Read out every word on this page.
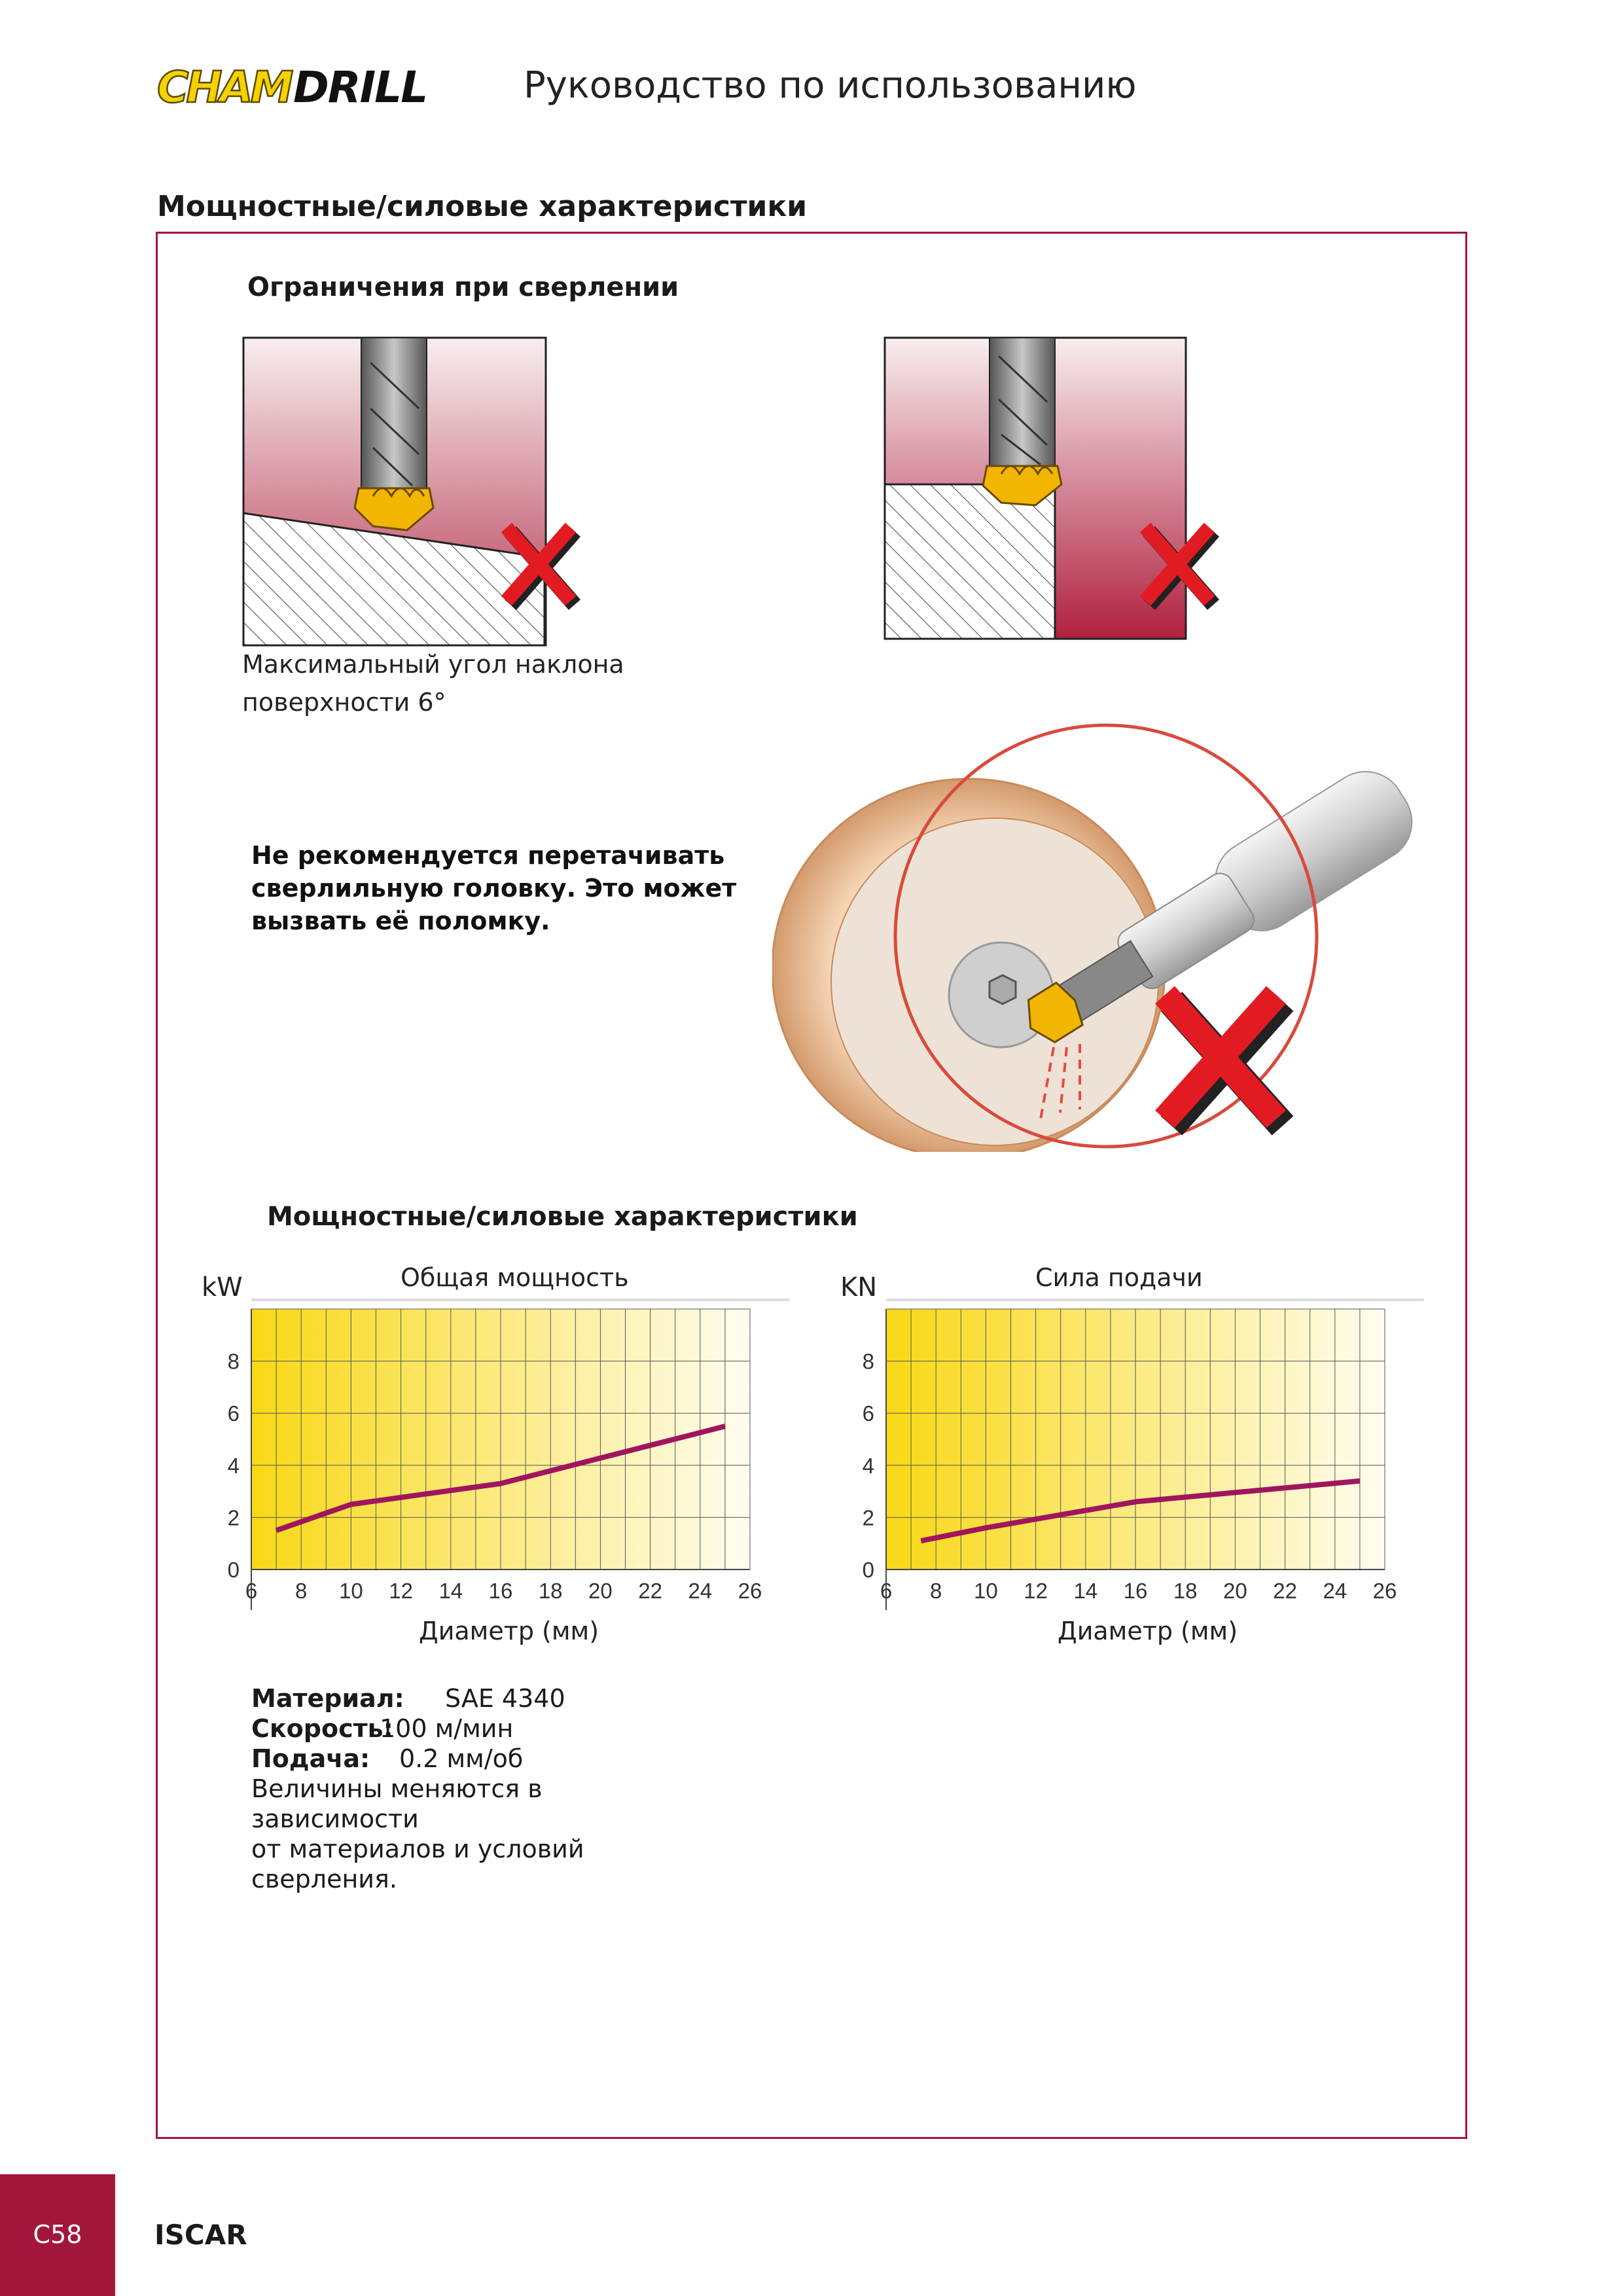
CHAM DRILL	Руководство по использованию
Мощностные/силовые характеристики
Ограничения при сверлении
Максимальный угол наклона
поверхности 6°
Не рекомендуется перетачивать
сверлильную головку. Это может
вызвать её поломку.
Мощностные/силовые характеристики
kW	Общая мощность
6 8 10 12 14 16 18 20 22 24 26
0
2
4
6
8
Диаметр (мм)
KN	Сила подачи
6 8 10 12 14 16 18 20 22 24 26
0
2
4
6
8
Диаметр (мм)
Материал: SAE 4340
Скорость:100 м/мин
Подача: 0.2 мм/об
Величины меняются в зависимости
от материалов и условий
сверления.
C58	ISCAR
